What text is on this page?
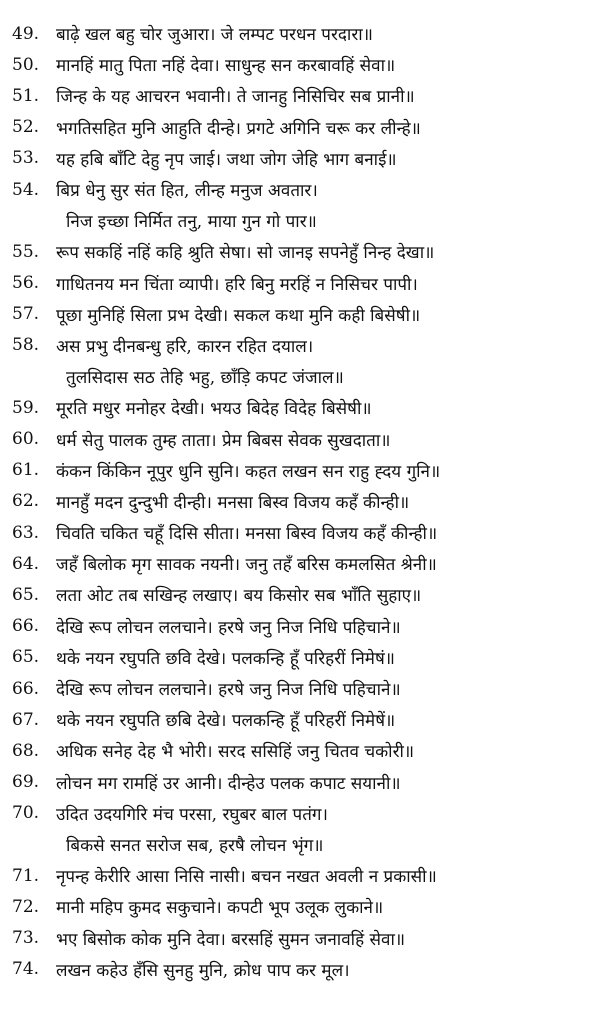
49. बाढ़े खल बहु चोर जुआरा। जे लम्पट परधन परदारा॥
50. मानहिं मातु पिता नहिं देवा। साधुन्ह सन करबावहिं सेवा॥
51. जिन्ह के यह आचरन भवानी। ते जानहु निसिचिर सब प्रानी॥
52. भगतिसहित मुनि आहुति दीन्हे। प्रगटे अगिनि चरू कर लीन्हे॥
53. यह हबि बाँटि देहु नृप जाई। जथा जोग जेहि भाग बनाई॥
54. बिप्र धेनु सुर संत हित, लीन्ह मनुज अवतार।
निज इच्छा निर्मित तनु, माया गुन गो पार॥
55. रूप सकहिं नहिं कहि श्रुति सेषा। सो जानइ सपनेहुँ निन्ह देखा॥
56. गाधितनय मन चिंता व्यापी। हरि बिनु मरहिं न निसिचर पापी।
57. पूछा मुनिहिं सिला प्रभ देखी। सकल कथा मुनि कही बिसेषी॥
58. अस प्रभु दीनबन्धु हरि, कारन रहित दयाल।
तुलसिदास सठ तेहि भहु, छाँड़ि कपट जंजाल॥
59. मूरति मधुर मनोहर देखी। भयउ बिदेह विदेह बिसेषी॥
60. धर्म सेतु पालक तुम्ह ताता। प्रेम बिबस सेवक सुखदाता॥
61. कंकन किंकिन नूपुर धुनि सुनि। कहत लखन सन राहु ह्दय गुनि॥
62. मानहुँ मदन दुन्दुभी दीन्ही। मनसा बिस्व विजय कहँ कीन्ही॥
63. चिवति चकित चहूँ दिसि सीता। मनसा बिस्व विजय कहँ कीन्ही॥
64. जहँ बिलोक मृग सावक नयनी। जनु तहँ बरिस कमलसित श्रेनी॥
65. लता ओट तब सखिन्ह लखाए। बय किसोर सब भाँति सुहाए॥
66. देखि रूप लोचन ललचाने। हरषे जनु निज निधि पहिचाने॥
65. थके नयन रघुपति छवि देखे। पलकन्हि हूँ परिहरीं निमेषं॥
66. देखि रूप लोचन ललचाने। हरषे जनु निज निधि पहिचाने॥
67. थके नयन रघुपति छबि देखे। पलकन्हि हूँ परिहरीं निमेषें॥
68. अधिक सनेह देह भै भोरी। सरद ससिहिं जनु चितव चकोरी॥
69. लोचन मग रामहिं उर आनी। दीन्हेउ पलक कपाट सयानी॥
70. उदित उदयगिरि मंच परसा, रघुबर बाल पतंग।
बिकसे सनत सरोज सब, हरषै लोचन भृंग॥
71. नृपन्ह केरीरि आसा निसि नासी। बचन नखत अवली न प्रकासी॥
72. मानी महिप कुमद सकुचाने। कपटी भूप उलूक लुकाने॥
73. भए बिसोक कोक मुनि देवा। बरसहिं सुमन जनावहिं सेवा॥
74. लखन कहेउ हँसि सुनहु मुनि, क्रोध पाप कर मूल।
